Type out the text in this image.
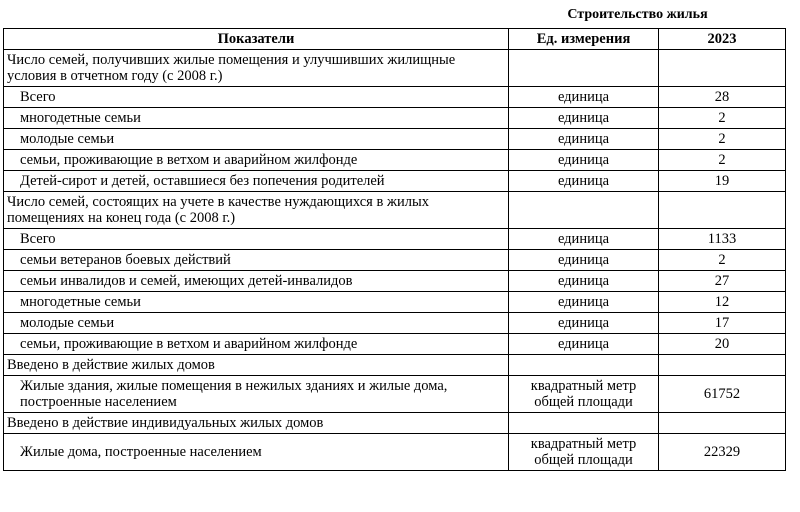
Строительство жилья
Показатели	Ед. измерения	2023
Число семей, получивших жилые помещения и улучшивших жилищные условия в отчетном году (с 2008 г.)		
Всего	единица	28
многодетные семьи	единица	2
молодые семьи	единица	2
семьи, проживающие в ветхом и аварийном жилфонде	единица	2
Детей-сирот и детей, оставшиеся без попечения родителей	единица	19
Число семей, состоящих на учете в качестве нуждающихся в жилых помещениях на конец года (с 2008 г.)		
Всего	единица	1133
семьи ветеранов боевых действий	единица	2
семьи инвалидов и семей, имеющих детей-инвалидов	единица	27
многодетные семьи	единица	12
молодые семьи	единица	17
семьи, проживающие в ветхом и аварийном жилфонде	единица	20
Введено в действие жилых домов		
Жилые здания, жилые помещения в нежилых зданиях и жилые дома, построенные населением	квадратный метр общей площади	61752
Введено в действие индивидуальных жилых домов		
Жилые дома, построенные населением	квадратный метр общей площади	22329
